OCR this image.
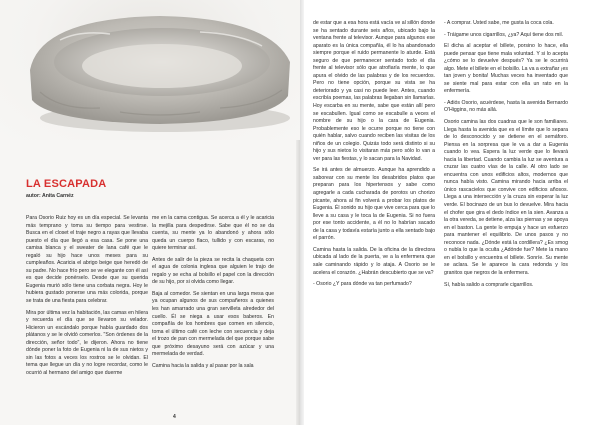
LA ESCAPADA
autor: Anita Carnéz

Para Osorio Ruiz hoy es un día especial. Se levanta más temprano y toma su tiempo para vestirse. Busca en el closet el traje negro a rayas que llevaba puesto el día que llegó a esa casa. Se pone una camisa blanca y el sweater de lana café que le regaló su hijo hace unos meses para su cumpleaños. Acaricia el abrigo beige que heredó de su padre. No hace frío pero se ve elegante con él así es que decide ponérselo. Desde que su querida Eugenia murió sólo tiene una corbata negra. Hoy le hubiera gustado ponerse una más colorida, porque se trata de una fiesta para celebrar.

Mira por última vez la habitación, las camas en hilera y recuerda el día que se llevaron su velador. Hicieron un escándalo porque había guardado dos plátanos y se le olvidó comerlos. "Son órdenes de la dirección, señor todo", le dijeron. Ahora no tiene dónde poner la foto de Eugenia ni la de sus nietos y sin las fotos a veces los rostros se le olvidan. El tema que llegue un día y no logre recordar, como le ocurrió al hermano del amigo que duerme

me en la cama contigua. Se acerca a él y le acaricia la mejilla para despedirse. Sabe que él no se da cuenta, su mente ya lo abandonó y ahora sólo queda un cuerpo flaco, tullido y con escaras, no quiere terminar así.

Antes de salir de la pieza se recita la chaqueta con el agua de colonia inglesa que alguien le trajo de regalo y se echa al bolsillo el papel con la dirección de su hijo, por si olvida como llegar.

Baja al comedor. Se sientan en una larga mesa que ya ocupan algunos de sus compañeros a quienes les han amarrado una gran servilleta alrededor del cuello. Él se niega a usar esos baberos. En compañía de los hombres que comen en silencio, toma el último café con leche con secuencia y deja el trozo de pan con mermelada del que porque sabe que próximo desayuno será con azúcar y una mermelada de verdad.

Camina hacia la salida y al pasar por la sala

de estar que a esa hora está vacía ve al sillón donde se ha sentado durante seis años, ubicado bajo la ventana frente al televisor. Aunque para algunos ese aparato es la única compañía, él lo ha abandonado siempre porque el ruido permanente lo aturde. Está seguro de que permanecer sentado todo el día frente al televisor sólo que atrofiaría mente, lo que apura el olvido de las palabras y de los recuerdos. Pero no tiene opción, porque su vista se ha deteriorado y ya casi no puede leer. Antes, cuando escribía poemas, las palabras llegaban sin llamarlas. Hoy escarba en su mente, sabe que están allí pero se escabullen. Igual como se escabulle a veces el nombre de su hijo o la cara de Eugenia. Probablemente eso le ocurre porque no tiene con quién hablar, salvo cuando reciben las visitas de los niños de un colegio. Quizás todo será distinto si su hijo y sus nietos lo visitaran más pero sólo lo van a ver para las fiestas, y lo sacan para la Navidad.

Se irá antes de almuerzo. Aunque ha aprendido a saborear con su mente los desabridos platos que preparan para los hipertensos y sabe como agregarle a cada cucharada de porotos un chorizo picante, ahora al fin volverá a probar los platos de Eugenia. Él sonido su hijo que vive cerca para que lo lleve a su casa y le toca la de Eugenia. Si no fuera por ese tonto accidente, a él no lo habrían sacado de la casa y todavía estaría junto a ella sentado bajo el parrón.

Camina hasta la salida. De la oficina de la directora ubicada al lado de la puerta, ve a la enfermera que sale caminando rápido y lo ataja. A Osorio se le acelera el corazón. ¿Habrán descubierto que se va?

- Osorio ¿Y para dónde va tan perfumado?

- A comprar. Usted sabe, me gusta la coca cola.

- Tráigame unos cigarrillos, ¿ya? Aquí tiene dos mil.

El dicha al aceptar el billete, porsino lo hace, ella puede pensar que tiene mala voluntad. Y si lo acepta ¿cómo se lo devuelve después? Ya se le ocurrirá algo. Mete el billete en el bolsillo. La va a extrañar ¡es tan joven y bonita! Muchas veces ha inventado que se siente mal para estar con ella un rato en la enfermería.

- Adiós Osorio, acuérdese, hasta la avenida Bernardo O'Higgins, no más allá.

Osorio camina las dos cuadras que le son familiares. Llega hasta la avenida que es el límite que lo separa de lo desconocido y se detiene en el semáforo. Piensa en la sorpresa que le va a dar a Eugenia cuando lo vea. Espera la luz verde que lo llevará hacia la libertad. Cuando cambia la luz se aventura a cruzar las cuatro vías de la calle. Al otro lado se encuentra con unos edificios altos, modernos que nunca había visto. Camina mirando hacia arriba el único rascacielos que convive con edificios añosos. Llega a una intersección y la cruza sin esperar la luz verde. El bocinazo de un bus lo devuelve. Mira hacia el chofer que gira el dedo índice en la sien. Avanza a la otra vereda, se detiene, alza las piernas y se apoya en el baston. La gente lo empuja y hace un esfuerzo para mantener el equilibrio. De unos pasos y no reconoce nada. ¿Dónde está la cordillera? ¿Es smog o nubla lo que la oculta ¿Adónde fue? Mete la mano en el bolsillo y encuentra el billete. Sonríe. Su mente se aclara. Se le aparece la cara redonda y los granitos que negros de la enfermera.

Sí, había salido a comprarle cigarrillos.

4
